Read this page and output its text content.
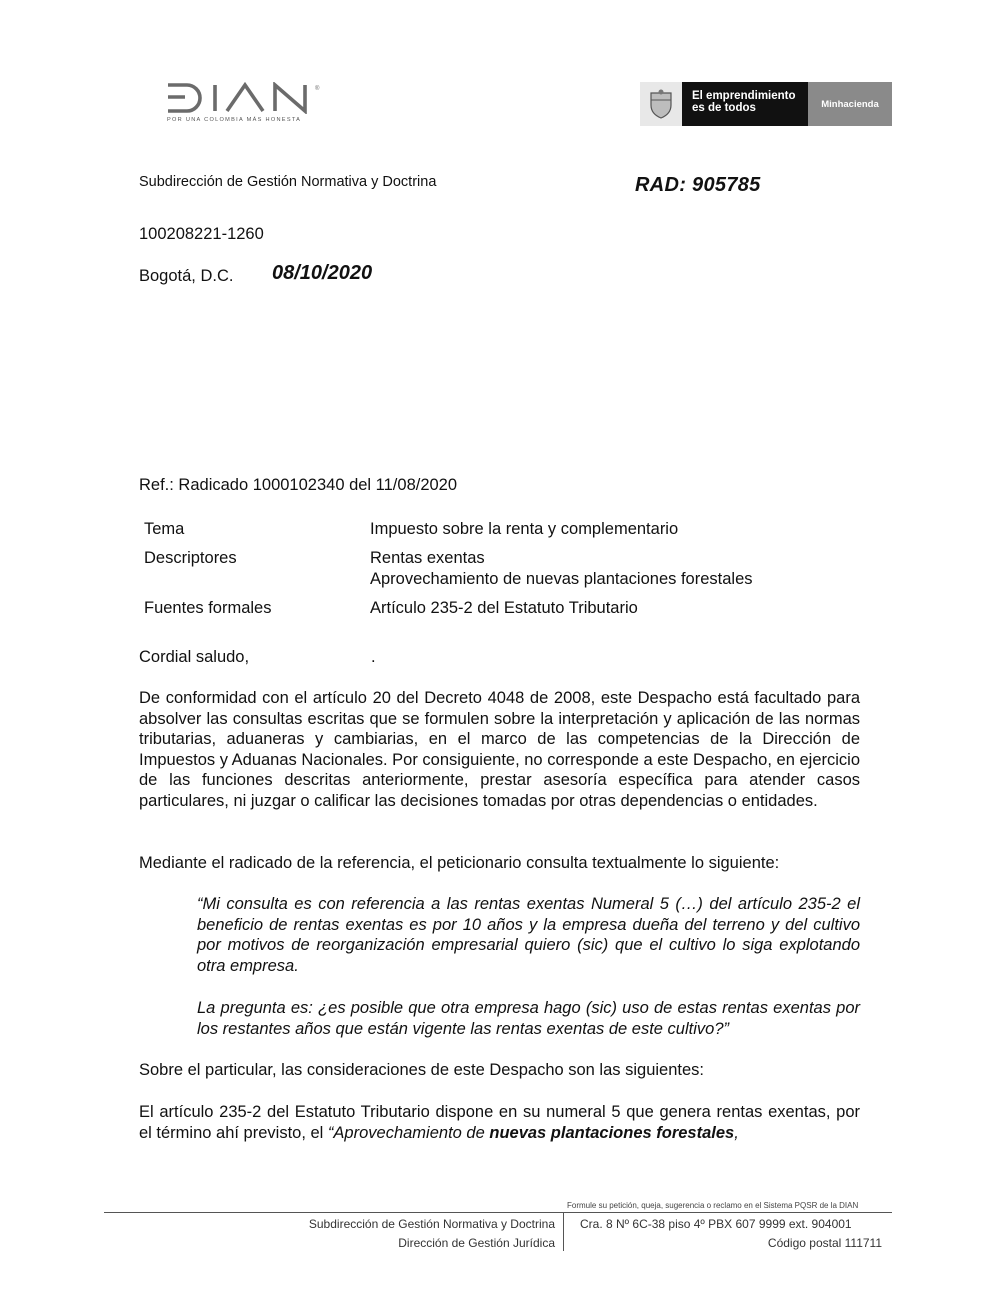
®
POR UNA COLOMBIA MÁS HONESTA
El emprendimiento
es de todos	Minhacienda
Subdirección de Gestión Normativa y Doctrina	RAD: 905785
100208221-1260
Bogotá, D.C. 08/10/2020
Ref.: Radicado 1000102340 del 11/08/2020
Tema	Impuesto sobre la renta y complementario
Descriptores	Rentas exentas
Aprovechamiento de nuevas plantaciones forestales
Fuentes formales	Artículo 235-2 del Estatuto Tributario
Cordial saludo,	.
De conformidad con el artículo 20 del Decreto 4048 de 2008, este Despacho está facultado para absolver las consultas escritas que se formulen sobre la interpretación y aplicación de las normas tributarias, aduaneras y cambiarias, en el marco de las competencias de la Dirección de Impuestos y Aduanas Nacionales. Por consiguiente, no corresponde a este Despacho, en ejercicio de las funciones descritas anteriormente, prestar asesoría específica para atender casos particulares, ni juzgar o calificar las decisiones tomadas por otras dependencias o entidades.
Mediante el radicado de la referencia, el peticionario consulta textualmente lo siguiente:
“Mi consulta es con referencia a las rentas exentas Numeral 5 (…) del artículo 235-2 el beneficio de rentas exentas es por 10 años y la empresa dueña del terreno y del cultivo por motivos de reorganización empresarial quiero (sic) que el cultivo lo siga explotando otra empresa.
La pregunta es: ¿es posible que otra empresa hago (sic) uso de estas rentas exentas por los restantes años que están vigente las rentas exentas de este cultivo?”
Sobre el particular, las consideraciones de este Despacho son las siguientes:
El artículo 235-2 del Estatuto Tributario dispone en su numeral 5 que genera rentas exentas, por el término ahí previsto, el “Aprovechamiento de nuevas plantaciones forestales,
Formule su petición, queja, sugerencia o reclamo en el Sistema PQSR de la DIAN
Subdirección de Gestión Normativa y Doctrina
Dirección de Gestión Jurídica
Cra. 8 Nº 6C-38 piso 4º PBX 607 9999 ext. 904001
Código postal 111711
